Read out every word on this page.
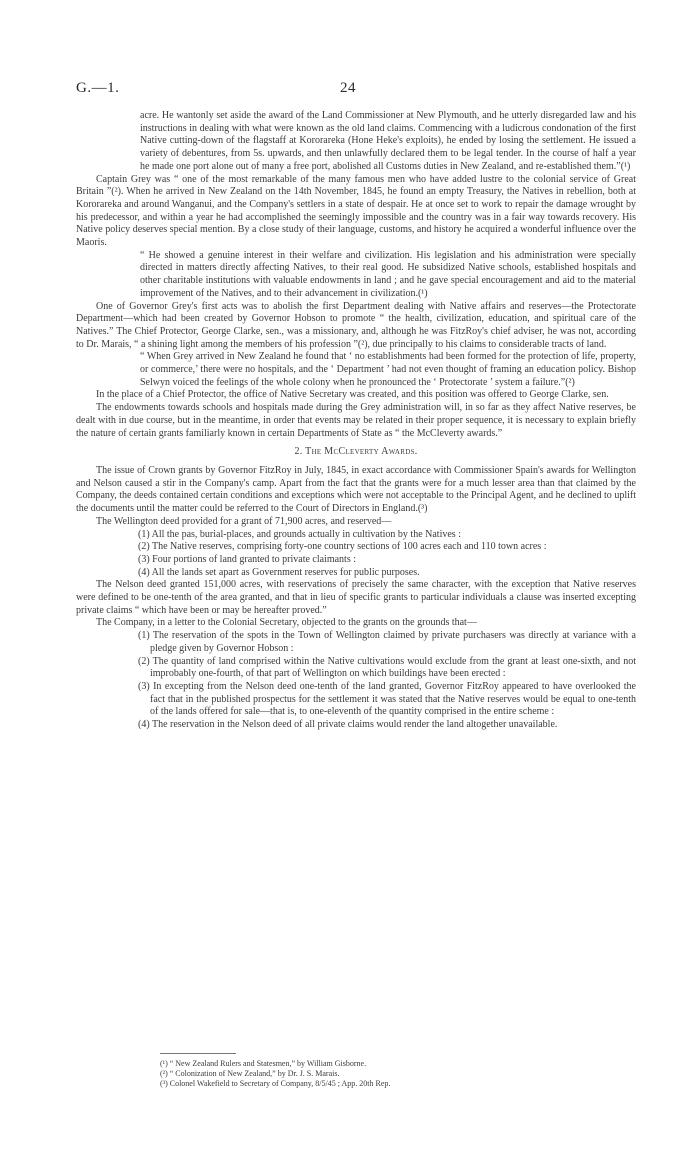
G.—1.	24

acre. He wantonly set aside the award of the Land Commissioner at New Plymouth, and he utterly disregarded law and his instructions in dealing with what were known as the old land claims. Commencing with a ludicrous condonation of the first Native cutting-down of the flagstaff at Kororareka (Hone Heke's exploits), he ended by losing the settlement. He issued a variety of debentures, from 5s. upwards, and then unlawfully declared them to be legal tender. In the course of half a year he made one port alone out of many a free port, abolished all Customs duties in New Zealand, and re-established them.”(¹)

Captain Grey was “ one of the most remarkable of the many famous men who have added lustre to the colonial service of Great Britain ”(²). When he arrived in New Zealand on the 14th November, 1845, he found an empty Treasury, the Natives in rebellion, both at Kororareka and around Wanganui, and the Company's settlers in a state of despair. He at once set to work to repair the damage wrought by his predecessor, and within a year he had accomplished the seemingly impossible and the country was in a fair way towards recovery. His Native policy deserves special mention. By a close study of their language, customs, and history he acquired a wonderful influence over the Maoris.

“ He showed a genuine interest in their welfare and civilization. His legislation and his administration were specially directed in matters directly affecting Natives, to their real good. He subsidized Native schools, established hospitals and other charitable institutions with valuable endowments in land ; and he gave special encouragement and aid to the material improvement of the Natives, and to their advancement in civilization.(¹)

One of Governor Grey's first acts was to abolish the first Department dealing with Native affairs and reserves—the Protectorate Department—which had been created by Governor Hobson to promote “ the health, civilization, education, and spiritual care of the Natives.” The Chief Protector, George Clarke, sen., was a missionary, and, although he was FitzRoy's chief adviser, he was not, according to Dr. Marais, “ a shining light among the members of his profession ”(²), due principally to his claims to considerable tracts of land.

“ When Grey arrived in New Zealand he found that ‘ no establishments had been formed for the protection of life, property, or commerce,’ there were no hospitals, and the ‘ Department ’ had not even thought of framing an education policy. Bishop Selwyn voiced the feelings of the whole colony when he pronounced the ‘ Protectorate ’ system a failure.”(²)

In the place of a Chief Protector, the office of Native Secretary was created, and this position was offered to George Clarke, sen.

The endowments towards schools and hospitals made during the Grey administration will, in so far as they affect Native reserves, be dealt with in due course, but in the meantime, in order that events may be related in their proper sequence, it is necessary to explain briefly the nature of certain grants familiarly known in certain Departments of State as “ the McCleverty awards.”

2. The McCleverty Awards.

The issue of Crown grants by Governor FitzRoy in July, 1845, in exact accordance with Commissioner Spain's awards for Wellington and Nelson caused a stir in the Company's camp. Apart from the fact that the grants were for a much lesser area than that claimed by the Company, the deeds contained certain conditions and exceptions which were not acceptable to the Principal Agent, and he declined to uplift the documents until the matter could be referred to the Court of Directors in England.(³)

The Wellington deed provided for a grant of 71,900 acres, and reserved—

(1) All the pas, burial-places, and grounds actually in cultivation by the Natives :

(2) The Native reserves, comprising forty-one country sections of 100 acres each and 110 town acres :

(3) Four portions of land granted to private claimants :

(4) All the lands set apart as Government reserves for public purposes.

The Nelson deed granted 151,000 acres, with reservations of precisely the same character, with the exception that Native reserves were defined to be one-tenth of the area granted, and that in lieu of specific grants to particular individuals a clause was inserted excepting private claims “ which have been or may be hereafter proved.”

The Company, in a letter to the Colonial Secretary, objected to the grants on the grounds that—

(1) The reservation of the spots in the Town of Wellington claimed by private purchasers was directly at variance with a pledge given by Governor Hobson :

(2) The quantity of land comprised within the Native cultivations would exclude from the grant at least one-sixth, and not improbably one-fourth, of that part of Wellington on which buildings have been erected :

(3) In excepting from the Nelson deed one-tenth of the land granted, Governor FitzRoy appeared to have overlooked the fact that in the published prospectus for the settlement it was stated that the Native reserves would be equal to one-tenth of the lands offered for sale—that is, to one-eleventh of the quantity comprised in the entire scheme :

(4) The reservation in the Nelson deed of all private claims would render the land altogether unavailable.

(¹) “ New Zealand Rulers and Statesmen,” by William Gisborne.
(²) “ Colonization of New Zealand,” by Dr. J. S. Marais.
(³) Colonel Wakefield to Secretary of Company, 8/5/45 ; App. 20th Rep.
